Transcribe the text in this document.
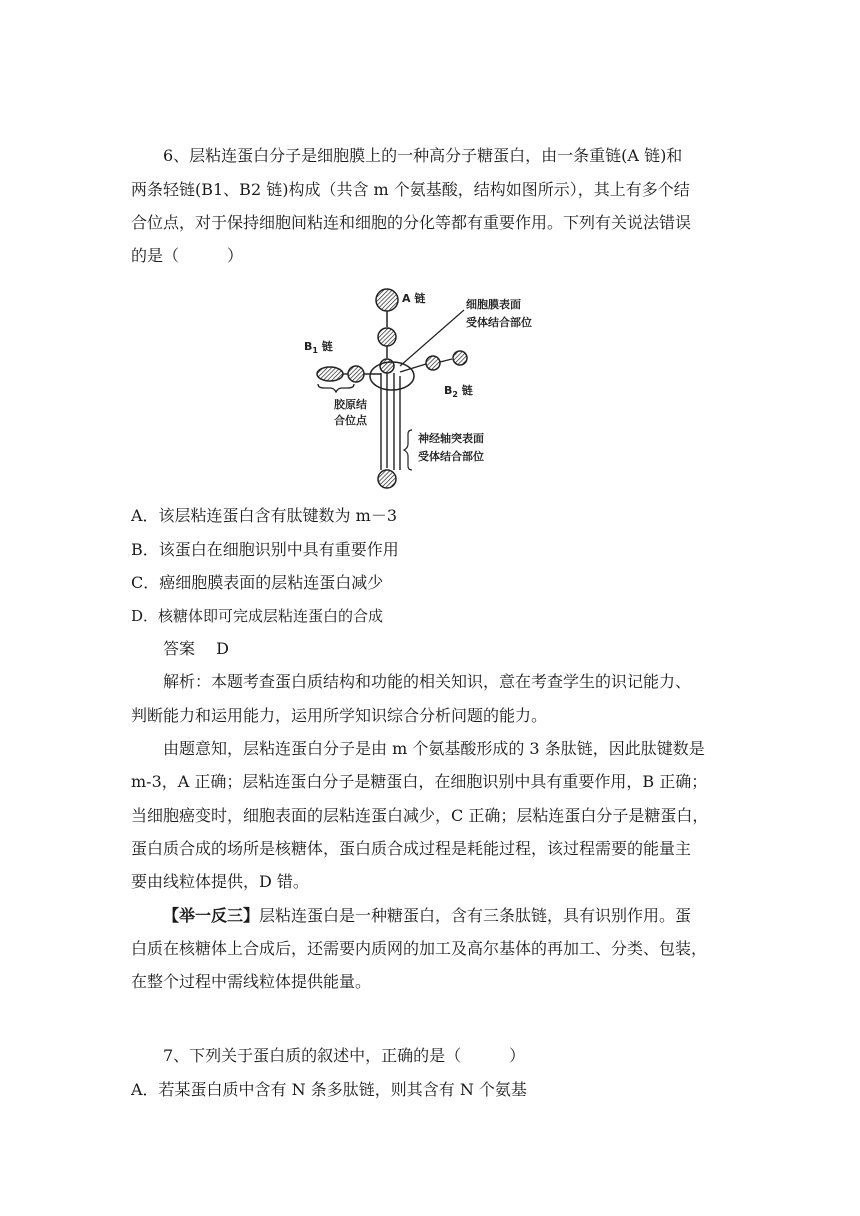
6、层粘连蛋白分子是细胞膜上的一种高分子糖蛋白，由一条重链(A 链)和
两条轻链(B1、B2 链)构成（共含 m 个氨基酸，结构如图所示），其上有多个结
合位点，对于保持细胞间粘连和细胞的分化等都有重要作用。下列有关说法错误
的是（　　　）
A 链	细胞膜表面
受体结合部位
$B_1$ 链
$B_2$ 链
胶原结
合位点
神经轴突表面
受体结合部位
A．该层粘连蛋白含有肽键数为 m－3
B．该蛋白在细胞识别中具有重要作用
C．癌细胞膜表面的层粘连蛋白减少
D．核糖体即可完成层粘连蛋白的合成
答案　 D
解析：本题考查蛋白质结构和功能的相关知识，意在考查学生的识记能力、
判断能力和运用能力，运用所学知识综合分析问题的能力。
由题意知，层粘连蛋白分子是由 m 个氨基酸形成的 3 条肽链，因此肽键数是
m-3，A 正确；层粘连蛋白分子是糖蛋白，在细胞识别中具有重要作用，B 正确；
当细胞癌变时，细胞表面的层粘连蛋白减少，C 正确；层粘连蛋白分子是糖蛋白，
蛋白质合成的场所是核糖体，蛋白质合成过程是耗能过程，该过程需要的能量主
要由线粒体提供，D 错。
【举一反三】层粘连蛋白是一种糖蛋白，含有三条肽链，具有识别作用。蛋
白质在核糖体上合成后，还需要内质网的加工及高尔基体的再加工、分类、包装，
在整个过程中需线粒体提供能量。
7、下列关于蛋白质的叙述中，正确的是（　　　）
A．若某蛋白质中含有 N 条多肽链，则其含有 N 个氨基
